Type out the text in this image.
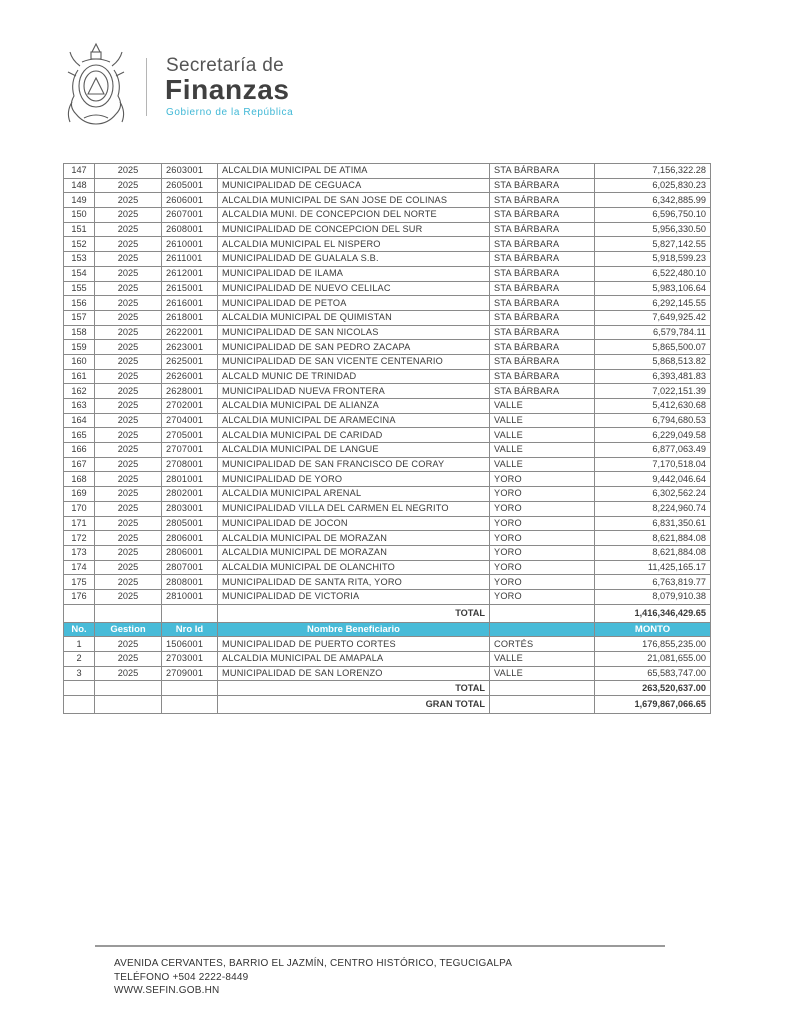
Secretaría de
Finanzas
Gobierno de la República
147	2025	2603001	ALCALDIA MUNICIPAL DE ATIMA	STA BÁRBARA	7,156,322.28
148	2025	2605001	MUNICIPALIDAD DE CEGUACA	STA BÁRBARA	6,025,830.23
149	2025	2606001	ALCALDIA MUNICIPAL DE SAN JOSE DE COLINAS	STA BÁRBARA	6,342,885.99
150	2025	2607001	ALCALDIA MUNI. DE CONCEPCION DEL NORTE	STA BÁRBARA	6,596,750.10
151	2025	2608001	MUNICIPALIDAD DE CONCEPCION DEL SUR	STA BÁRBARA	5,956,330.50
152	2025	2610001	ALCALDIA MUNICIPAL EL NISPERO	STA BÁRBARA	5,827,142.55
153	2025	2611001	MUNICIPALIDAD DE GUALALA S.B.	STA BÁRBARA	5,918,599.23
154	2025	2612001	MUNICIPALIDAD DE ILAMA	STA BÁRBARA	6,522,480.10
155	2025	2615001	MUNICIPALIDAD DE NUEVO CELILAC	STA BÁRBARA	5,983,106.64
156	2025	2616001	MUNICIPALIDAD DE PETOA	STA BÁRBARA	6,292,145.55
157	2025	2618001	ALCALDIA MUNICIPAL DE QUIMISTAN	STA BÁRBARA	7,649,925.42
158	2025	2622001	MUNICIPALIDAD DE SAN NICOLAS	STA BÁRBARA	6,579,784.11
159	2025	2623001	MUNICIPALIDAD DE SAN PEDRO ZACAPA	STA BÁRBARA	5,865,500.07
160	2025	2625001	MUNICIPALIDAD DE SAN VICENTE CENTENARIO	STA BÁRBARA	5,868,513.82
161	2025	2626001	ALCALD MUNIC DE TRINIDAD	STA BÁRBARA	6,393,481.83
162	2025	2628001	MUNICIPALIDAD NUEVA FRONTERA	STA BÁRBARA	7,022,151.39
163	2025	2702001	ALCALDIA MUNICIPAL DE ALIANZA	VALLE	5,412,630.68
164	2025	2704001	ALCALDIA MUNICIPAL DE ARAMECINA	VALLE	6,794,680.53
165	2025	2705001	ALCALDIA MUNICIPAL DE CARIDAD	VALLE	6,229,049.58
166	2025	2707001	ALCALDIA MUNICIPAL DE LANGUE	VALLE	6,877,063.49
167	2025	2708001	MUNICIPALIDAD DE SAN FRANCISCO DE CORAY	VALLE	7,170,518.04
168	2025	2801001	MUNICIPALIDAD DE YORO	YORO	9,442,046.64
169	2025	2802001	ALCALDIA MUNICIPAL ARENAL	YORO	6,302,562.24
170	2025	2803001	MUNICIPALIDAD VILLA DEL CARMEN EL NEGRITO	YORO	8,224,960.74
171	2025	2805001	MUNICIPALIDAD DE JOCON	YORO	6,831,350.61
172	2025	2806001	ALCALDIA MUNICIPAL DE MORAZAN	YORO	8,621,884.08
173	2025	2806001	ALCALDIA MUNICIPAL DE MORAZAN	YORO	8,621,884.08
174	2025	2807001	ALCALDIA MUNICIPAL DE OLANCHITO	YORO	11,425,165.17
175	2025	2808001	MUNICIPALIDAD DE SANTA RITA, YORO	YORO	6,763,819.77
176	2025	2810001	MUNICIPALIDAD DE VICTORIA	YORO	8,079,910.38
			TOTAL		1,416,346,429.65
No.	Gestion	Nro Id	Nombre Beneficiario		MONTO
1	2025	1506001	MUNICIPALIDAD DE PUERTO CORTES	CORTÉS	176,855,235.00
2	2025	2703001	ALCALDIA MUNICIPAL DE AMAPALA	VALLE	21,081,655.00
3	2025	2709001	MUNICIPALIDAD DE SAN LORENZO	VALLE	65,583,747.00
			TOTAL		263,520,637.00
			GRAN TOTAL		1,679,867,066.65
AVENIDA CERVANTES, BARRIO EL JAZMÍN, CENTRO HISTÓRICO, TEGUCIGALPA
TELÉFONO +504 2222-8449
WWW.SEFIN.GOB.HN
